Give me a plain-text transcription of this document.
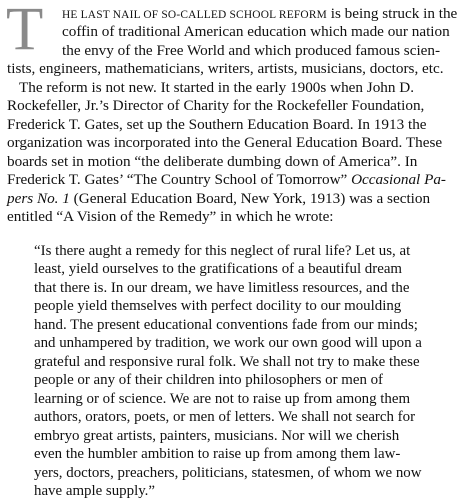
T HE LAST NAIL OF SO-CALLED SCHOOL REFORM is being struck in the
coffin of traditional American education which made our nation
the envy of the Free World and which produced famous scien-
tists, engineers, mathematicians, writers, artists, musicians, doctors, etc.
The reform is not new. It started in the early 1900s when John D.
Rockefeller, Jr.’s Director of Charity for the Rockefeller Foundation,
Frederick T. Gates, set up the Southern Education Board. In 1913 the
organization was incorporated into the General Education Board. These
boards set in motion “the deliberate dumbing down of America”. In
Frederick T. Gates’ “The Country School of Tomorrow” Occasional Pa-
pers No. 1 (General Education Board, New York, 1913) was a section
entitled “A Vision of the Remedy” in which he wrote:
“Is there aught a remedy for this neglect of rural life? Let us, at
least, yield ourselves to the gratifications of a beautiful dream
that there is. In our dream, we have limitless resources, and the
people yield themselves with perfect docility to our moulding
hand. The present educational conventions fade from our minds;
and unhampered by tradition, we work our own good will upon a
grateful and responsive rural folk. We shall not try to make these
people or any of their children into philosophers or men of
learning or of science. We are not to raise up from among them
authors, orators, poets, or men of letters. We shall not search for
embryo great artists, painters, musicians. Nor will we cherish
even the humbler ambition to raise up from among them law-
yers, doctors, preachers, politicians, statesmen, of whom we now
have ample supply.”
